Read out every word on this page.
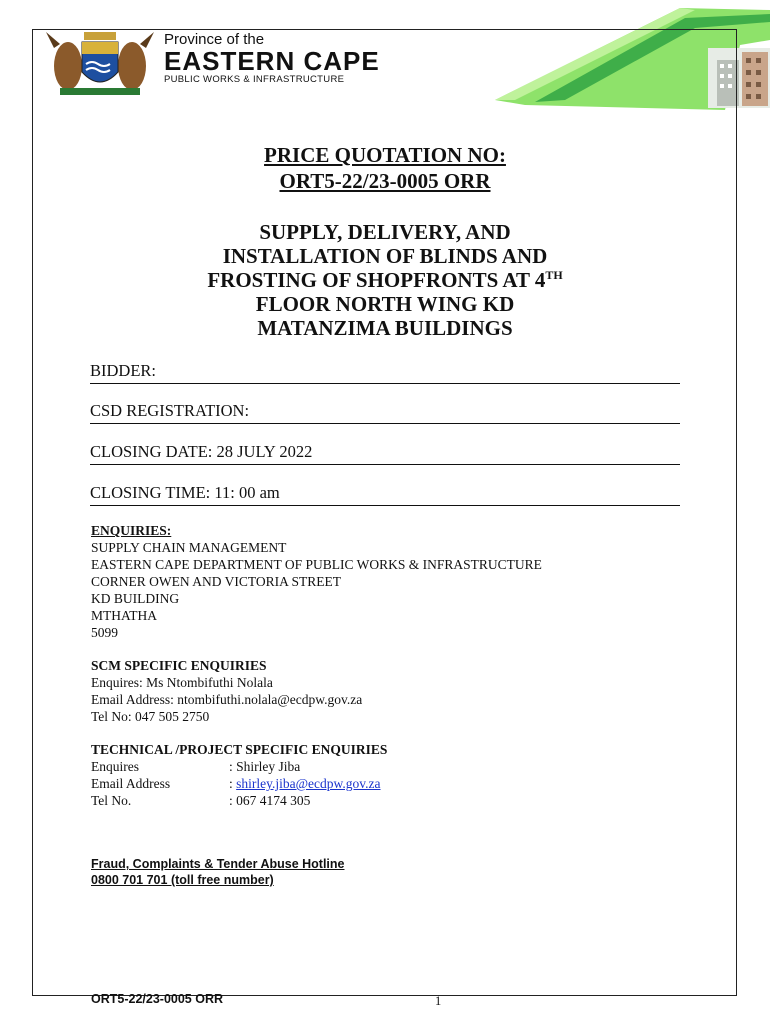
Province of the
EASTERN CAPE
PUBLIC WORKS & INFRASTRUCTURE
PRICE QUOTATION NO:
ORT5-22/23-0005 ORR
SUPPLY, DELIVERY, AND
INSTALLATION OF BLINDS AND
FROSTING OF SHOPFRONTS AT 4TH
FLOOR NORTH WING KD
MATANZIMA BUILDINGS
BIDDER:
CSD REGISTRATION:
CLOSING DATE: 28 JULY 2022
CLOSING TIME: 11: 00 am
ENQUIRIES:
SUPPLY CHAIN MANAGEMENT
EASTERN CAPE DEPARTMENT OF PUBLIC WORKS & INFRASTRUCTURE
CORNER OWEN AND VICTORIA STREET
KD BUILDING
MTHATHA
5099
SCM SPECIFIC ENQUIRIES
Enquires: Ms Ntombifuthi Nolala
Email Address: ntombifuthi.nolala@ecdpw.gov.za
Tel No: 047 505 2750
TECHNICAL /PROJECT SPECIFIC ENQUIRIES
Enquires	: Shirley Jiba
Email Address	: shirley.jiba@ecdpw.gov.za
Tel No.	: 067 4174 305
Fraud, Complaints & Tender Abuse Hotline
0800 701 701 (toll free number)
ORT5-22/23-0005 ORR	1
